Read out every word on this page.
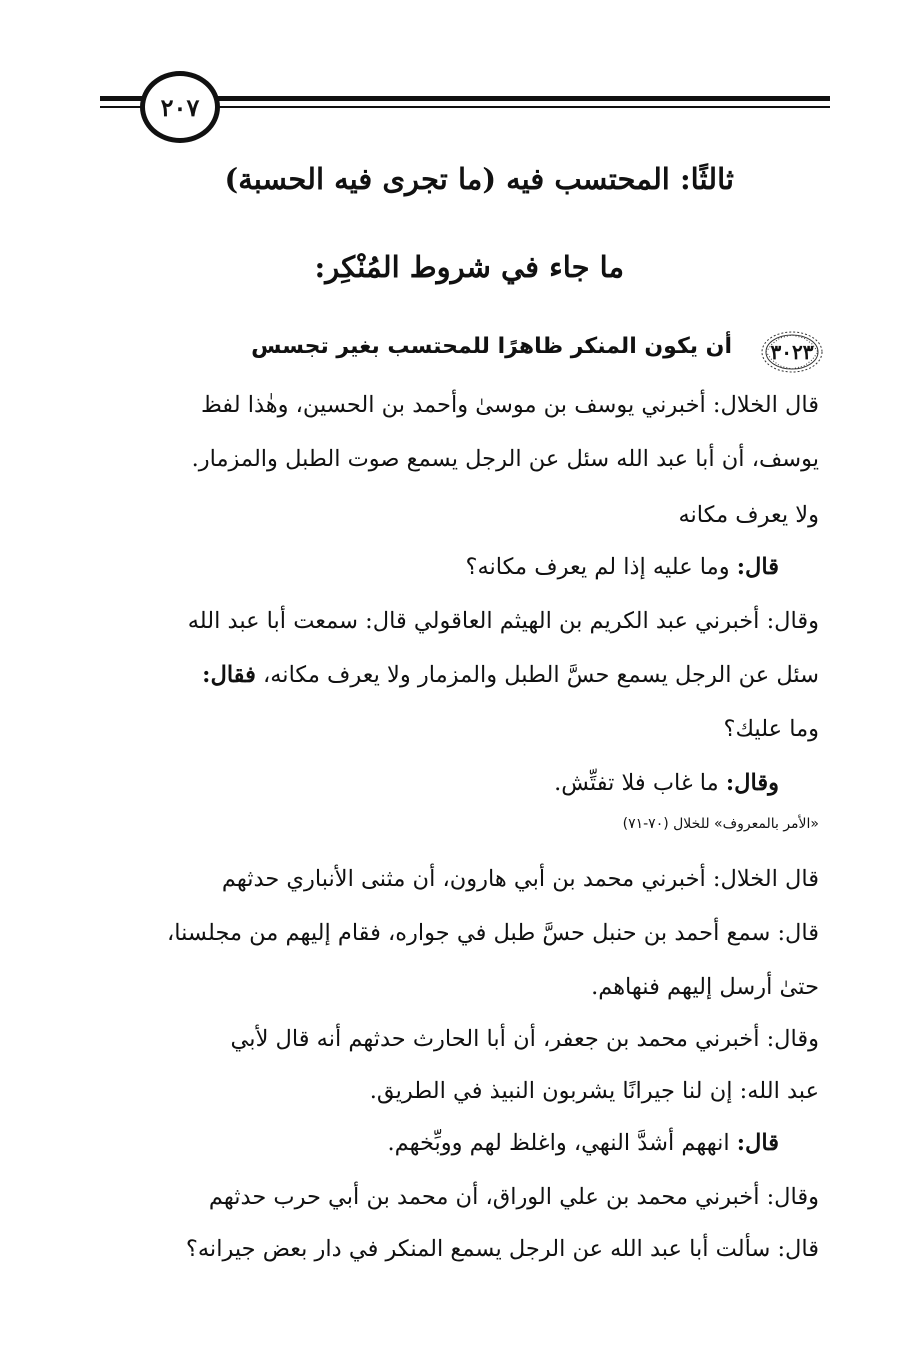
٢٠٧
ثالثًا: المحتسب فيه (ما تجرى فيه الحسبة)
ما جاء في شروط المُنْكِر:
٣٠٢٣
أن يكون المنكر ظاهرًا للمحتسب بغير تجسس
قال الخلال: أخبرني يوسف بن موسىٰ وأحمد بن الحسين، وهٰذا لفظ
يوسف، أن أبا عبد الله سئل عن الرجل يسمع صوت الطبل والمزمار.
ولا يعرف مكانه
قال: وما عليه إذا لم يعرف مكانه؟
وقال: أخبرني عبد الكريم بن الهيثم العاقولي قال: سمعت أبا عبد الله
سئل عن الرجل يسمع حسَّ الطبل والمزمار ولا يعرف مكانه، فقال:
وما عليك؟
وقال: ما غاب فلا تفتِّش.
«الأمر بالمعروف» للخلال (٧٠-٧١)
قال الخلال: أخبرني محمد بن أبي هارون، أن مثنى الأنباري حدثهم
قال: سمع أحمد بن حنبل حسَّ طبل في جواره، فقام إليهم من مجلسنا،
حتىٰ أرسل إليهم فنهاهم.
وقال: أخبرني محمد بن جعفر، أن أبا الحارث حدثهم أنه قال لأبي
عبد الله: إن لنا جيرانًا يشربون النبيذ في الطريق.
قال: انههم أشدَّ النهي، واغلظ لهم ووبِّخهم.
وقال: أخبرني محمد بن علي الوراق، أن محمد بن أبي حرب حدثهم
قال: سألت أبا عبد الله عن الرجل يسمع المنكر في دار بعض جيرانه؟
